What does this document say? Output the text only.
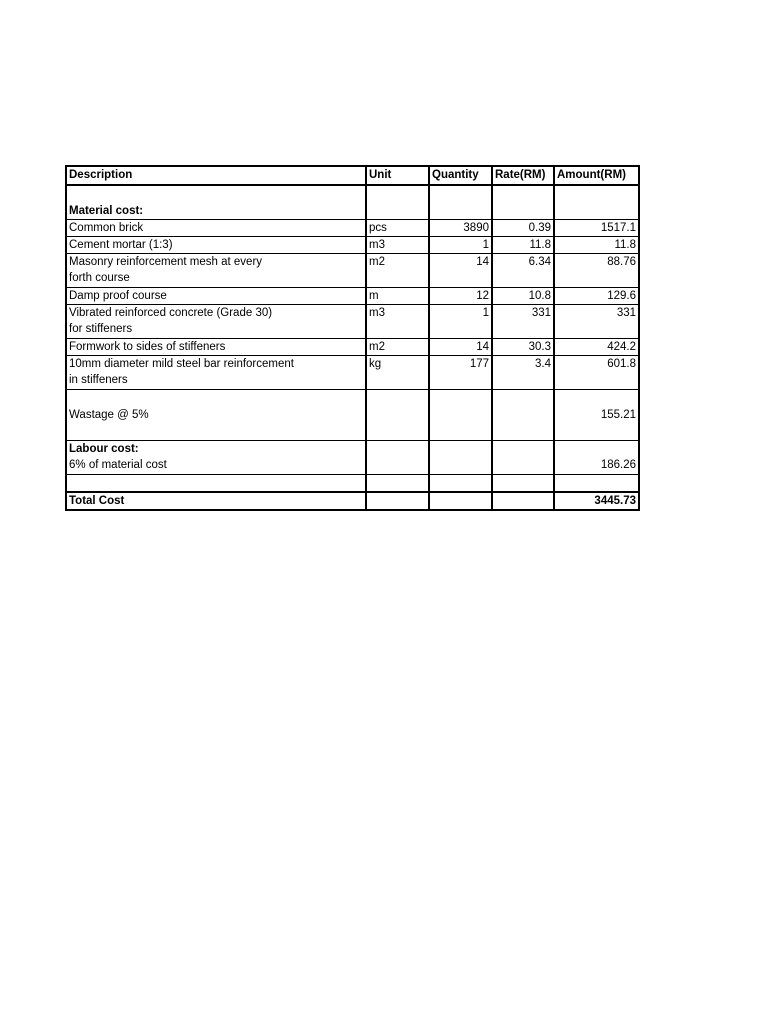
Description	Unit	Quantity	Rate(RM)	Amount(RM)

Material cost:				

Common brick	pcs	3890	0.39	1517.1
Cement mortar (1:3)	m3	1	11.8	11.8

Masonry reinforcement mesh at every
forth course	m2	14	6.34	88.76
Damp proof course	m	12	10.8	129.6

Vibrated reinforced concrete (Grade 30)
for stiffeners	m3	1	331	331
Formwork to sides of stiffeners	m2	14	30.3	424.2

10mm diameter mild steel bar reinforcement
in stiffeners	kg	177	3.4	601.8
Wastage @ 5%				155.21

Labour cost:
6% of material cost				186.26

Total Cost				3445.73
